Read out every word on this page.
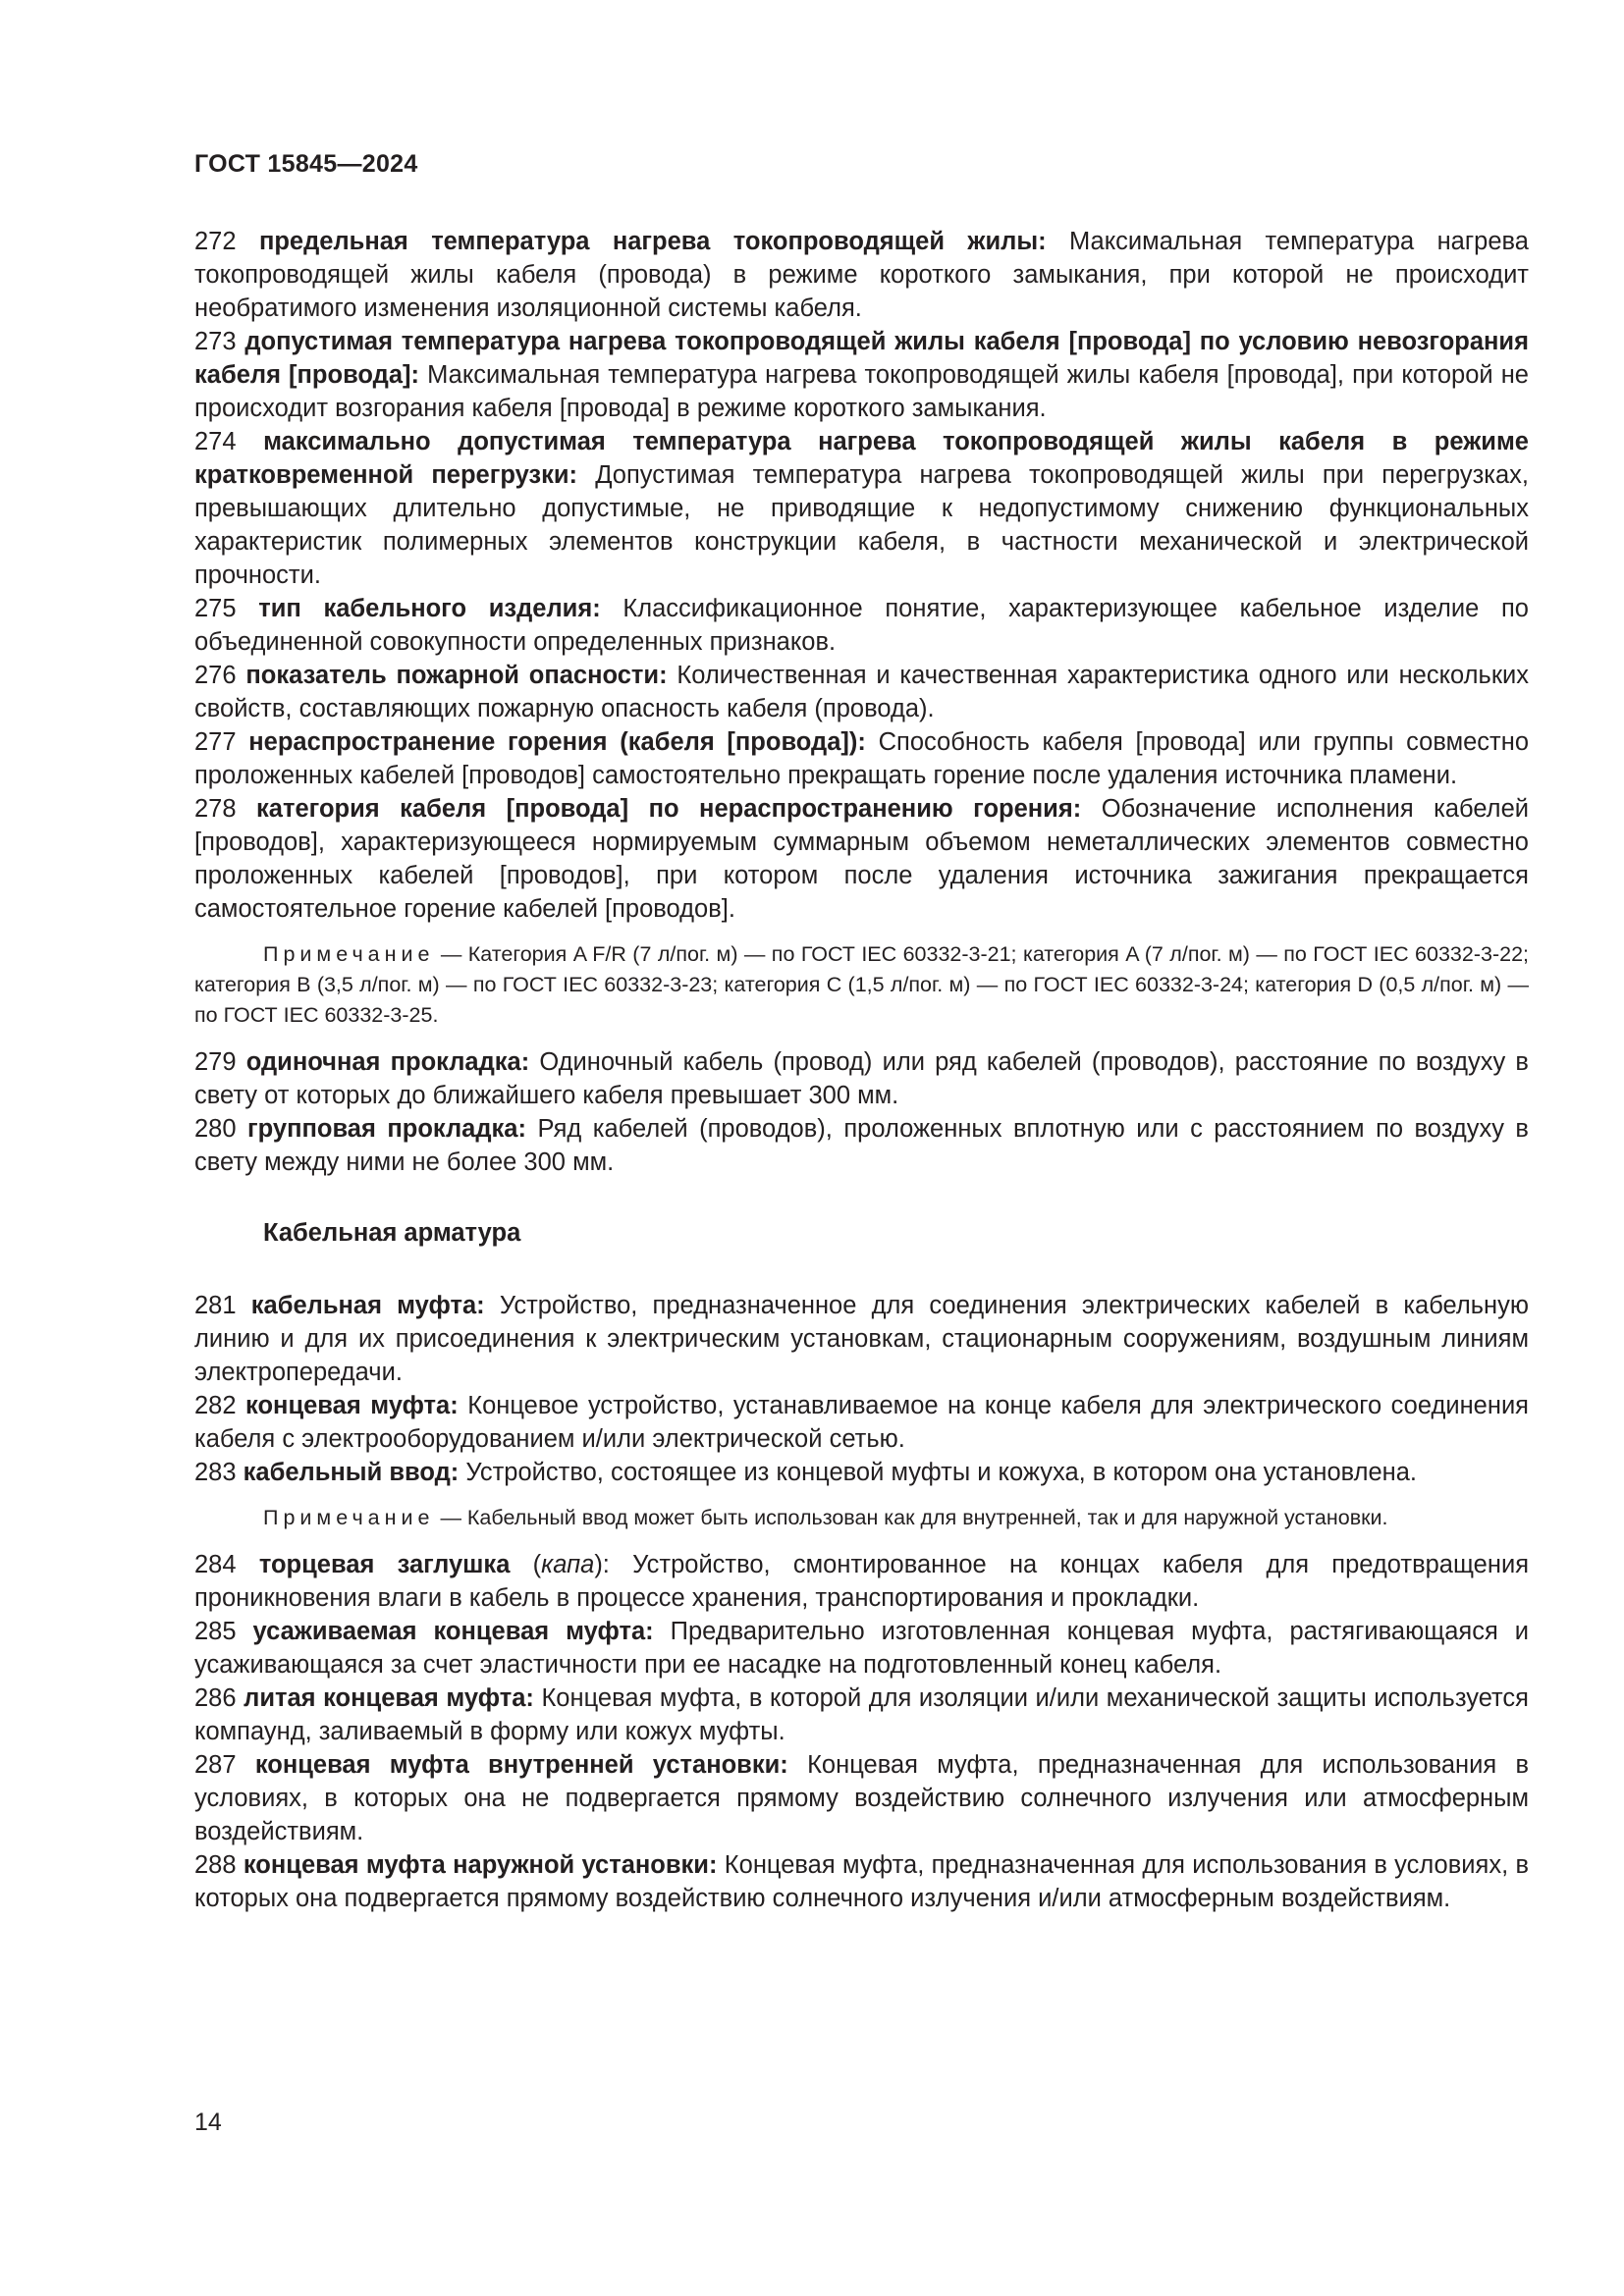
ГОСТ 15845—2024

272 предельная температура нагрева токопроводящей жилы: Максимальная температура нагрева токопроводящей жилы кабеля (провода) в режиме короткого замыкания, при которой не происходит необратимого изменения изоляционной системы кабеля.

273 допустимая температура нагрева токопроводящей жилы кабеля [провода] по условию невозгорания кабеля [провода]: Максимальная температура нагрева токопроводящей жилы кабеля [провода], при которой не происходит возгорания кабеля [провода] в режиме короткого замыкания.

274 максимально допустимая температура нагрева токопроводящей жилы кабеля в режиме кратковременной перегрузки: Допустимая температура нагрева токопроводящей жилы при перегрузках, превышающих длительно допустимые, не приводящие к недопустимому снижению функциональных характеристик полимерных элементов конструкции кабеля, в частности механической и электрической прочности.

275 тип кабельного изделия: Классификационное понятие, характеризующее кабельное изделие по объединенной совокупности определенных признаков.

276 показатель пожарной опасности: Количественная и качественная характеристика одного или нескольких свойств, составляющих пожарную опасность кабеля (провода).

277 нераспространение горения (кабеля [провода]): Способность кабеля [провода] или группы совместно проложенных кабелей [проводов] самостоятельно прекращать горение после удаления источника пламени.

278 категория кабеля [провода] по нераспространению горения: Обозначение исполнения кабелей [проводов], характеризующееся нормируемым суммарным объемом неметаллических элементов совместно проложенных кабелей [проводов], при котором после удаления источника зажигания прекращается самостоятельное горение кабелей [проводов].

Примечание — Категория A F/R (7 л/пог. м) — по ГОСТ IEC 60332-3-21; категория A (7 л/пог. м) — по ГОСТ IEC 60332-3-22; категория B (3,5 л/пог. м) — по ГОСТ IEC 60332-3-23; категория C (1,5 л/пог. м) — по ГОСТ IEC 60332-3-24; категория D (0,5 л/пог. м) — по ГОСТ IEC 60332-3-25.

279 одиночная прокладка: Одиночный кабель (провод) или ряд кабелей (проводов), расстояние по воздуху в свету от которых до ближайшего кабеля превышает 300 мм.

280 групповая прокладка: Ряд кабелей (проводов), проложенных вплотную или с расстоянием по воздуху в свету между ними не более 300 мм.

Кабельная арматура

281 кабельная муфта: Устройство, предназначенное для соединения электрических кабелей в кабельную линию и для их присоединения к электрическим установкам, стационарным сооружениям, воздушным линиям электропередачи.

282 концевая муфта: Концевое устройство, устанавливаемое на конце кабеля для электрического соединения кабеля с электрооборудованием и/или электрической сетью.

283 кабельный ввод: Устройство, состоящее из концевой муфты и кожуха, в котором она установлена.

Примечание — Кабельный ввод может быть использован как для внутренней, так и для наружной установки.

284 торцевая заглушка (капа): Устройство, смонтированное на концах кабеля для предотвращения проникновения влаги в кабель в процессе хранения, транспортирования и прокладки.

285 усаживаемая концевая муфта: Предварительно изготовленная концевая муфта, растягивающаяся и усаживающаяся за счет эластичности при ее насадке на подготовленный конец кабеля.

286 литая концевая муфта: Концевая муфта, в которой для изоляции и/или механической защиты используется компаунд, заливаемый в форму или кожух муфты.

287 концевая муфта внутренней установки: Концевая муфта, предназначенная для использования в условиях, в которых она не подвергается прямому воздействию солнечного излучения или атмосферным воздействиям.

288 концевая муфта наружной установки: Концевая муфта, предназначенная для использования в условиях, в которых она подвергается прямому воздействию солнечного излучения и/или атмосферным воздействиям.

14
